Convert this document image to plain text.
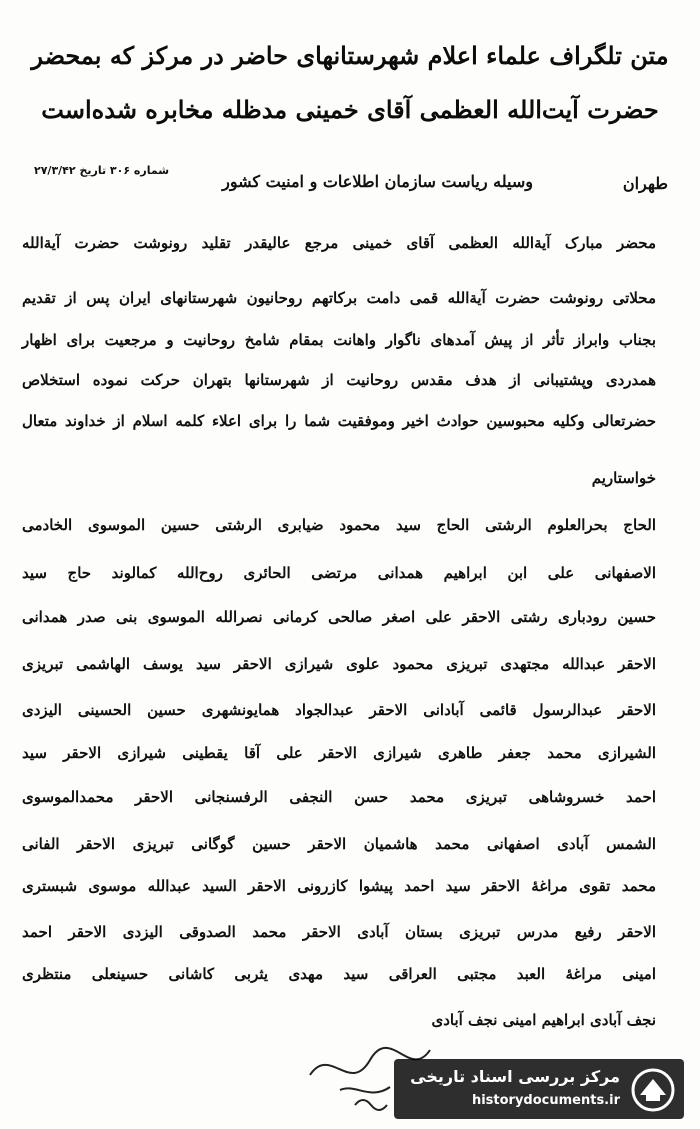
متن تلگراف علماء اعلام شهرستانهای حاضر در مرکز که بمحضر
حضرت آیت‌الله العظمی آقای خمینی مدظله مخابره شده‌است
طهران
وسیله ریاست سازمان اطلاعات و امنیت کشور
شماره ۳۰۶ تاریخ ۲۷/۳/۴۲
محضر مبارک آیة‌الله العظمی آقای خمینی مرجع عالیقدر تقلید رونوشت حضرت آیة‌الله
محلاتی رونوشت حضرت آیة‌الله قمی دامت برکاتهم روحانیون شهرستانهای ایران پس از تقدیم
بجناب وابراز تأثر از پیش آمدهای ناگوار واهانت بمقام شامخ روحانیت و مرجعیت برای اظهار
همدردی وپشتیبانی از هدف مقدس روحانیت از شهرستانها بتهران حرکت نموده استخلاص
حضرتعالی وکلیه محبوسین حوادث اخیر وموفقیت شما را برای اعلاء کلمه اسلام از خداوند متعال
خواستاریم
الحاج بحرالعلوم الرشتی الحاج سید محمود ضیابری الرشتی حسین الموسوی الخادمی
الاصفهانی علی ابن ابراهیم همدانی مرتضی الحائری روح‌الله کمالوند حاج سید
حسین رودباری رشتی الاحقر علی اصغر صالحی کرمانی نصرالله الموسوی بنی صدر همدانی
الاحقر عبدالله مجتهدی تبریزی محمود علوی شیرازی الاحقر سید یوسف الهاشمی تبریزی
الاحقر عبدالرسول قائمی آبادانی الاحقر عبدالجواد همایونشهری حسین الحسینی الیزدی
الشیرازی محمد جعفر طاهری شیرازی الاحقر علی آقا یقطینی شیرازی الاحقر سید
احمد خسروشاهی تبریزی محمد حسن النجفی الرفسنجانی الاحقر محمدالموسوی
الشمس آبادی اصفهانی محمد هاشمیان الاحقر حسین گوگانی تبریزی الاحقر الفانی
محمد تقوی مراغهٔ الاحقر سید احمد پیشوا کازرونی الاحقر السید عبدالله موسوی شبستری
الاحقر رفیع مدرس تبریزی بستان آبادی الاحقر محمد الصدوقی الیزدی الاحقر احمد
امینی مراغهٔ العبد مجتبی العراقی سید مهدی یثربی کاشانی حسینعلی منتظری
نجف آبادی ابراهیم امینی نجف آبادی
مرکز بررسی اسناد تاریخی
historydocuments.ir
